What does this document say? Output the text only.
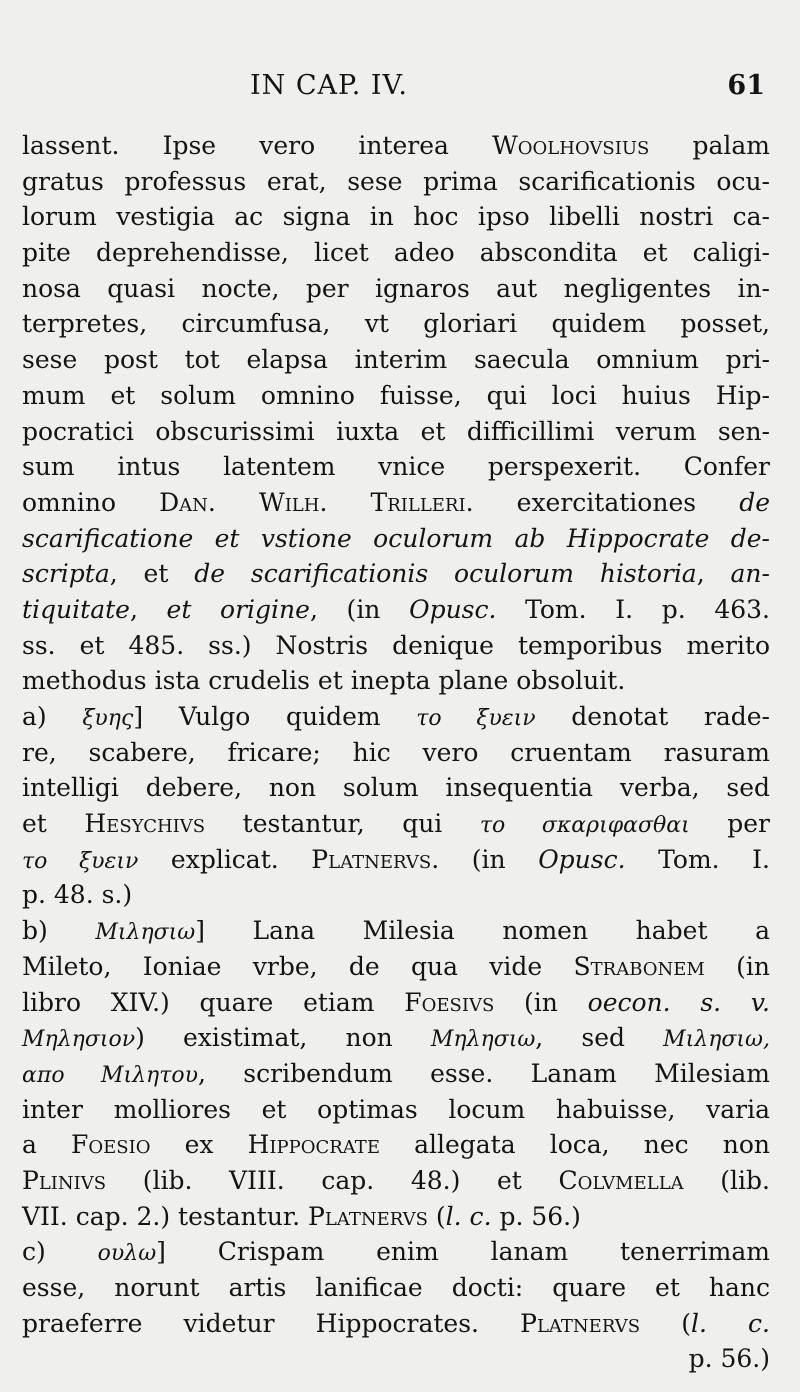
IN CAP. IV.	61
lassent. Ipse vero interea Woolhovsius palam
gratus professus erat, sese prima scarificationis ocu-
lorum vestigia ac signa in hoc ipso libelli nostri ca-
pite deprehendisse, licet adeo abscondita et caligi-
nosa quasi nocte, per ignaros aut negligentes in-
terpretes, circumfusa, vt gloriari quidem posset,
sese post tot elapsa interim saecula omnium pri-
mum et solum omnino fuisse, qui loci huius Hip-
pocratici obscurissimi iuxta et difficillimi verum sen-
sum intus latentem vnice perspexerit. Confer
omnino Dan. Wilh. Trilleri. exercitationes de
scarificatione et vstione oculorum ab Hippocrate de-
scripta, et de scarificationis oculorum historia, an-
tiquitate, et origine, (in Opusc. Tom. I. p. 463.
ss. et 485. ss.) Nostris denique temporibus merito
methodus ista crudelis et inepta plane obsoluit.
a) ξυης] Vulgo quidem το ξυειν denotat rade-
re, scabere, fricare; hic vero cruentam rasuram
intelligi debere, non solum insequentia verba, sed
et Hesychivs testantur, qui το σκαριφασθαι per
το ξυειν explicat. Platnervs. (in Opusc. Tom. I.
p. 48. s.)
b) Μιλησιω] Lana Milesia nomen habet a
Mileto, Ioniae vrbe, de qua vide Strabonem (in
libro XIV.) quare etiam Foesivs (in oecon. s. v.
Μηλησιον) existimat, non Μηλησιω, sed Μιλησιω,
απο Μιλητου, scribendum esse. Lanam Milesiam
inter molliores et optimas locum habuisse, varia
a Foesio ex Hippocrate allegata loca, nec non
Plinivs (lib. VIII. cap. 48.) et Colvmella (lib.
VII. cap. 2.) testantur. Platnervs (l. c. p. 56.)
c) ουλω] Crispam enim lanam tenerrimam
esse, norunt artis lanificae docti: quare et hanc
praeferre videtur Hippocrates. Platnervs (l. c.
p. 56.)
